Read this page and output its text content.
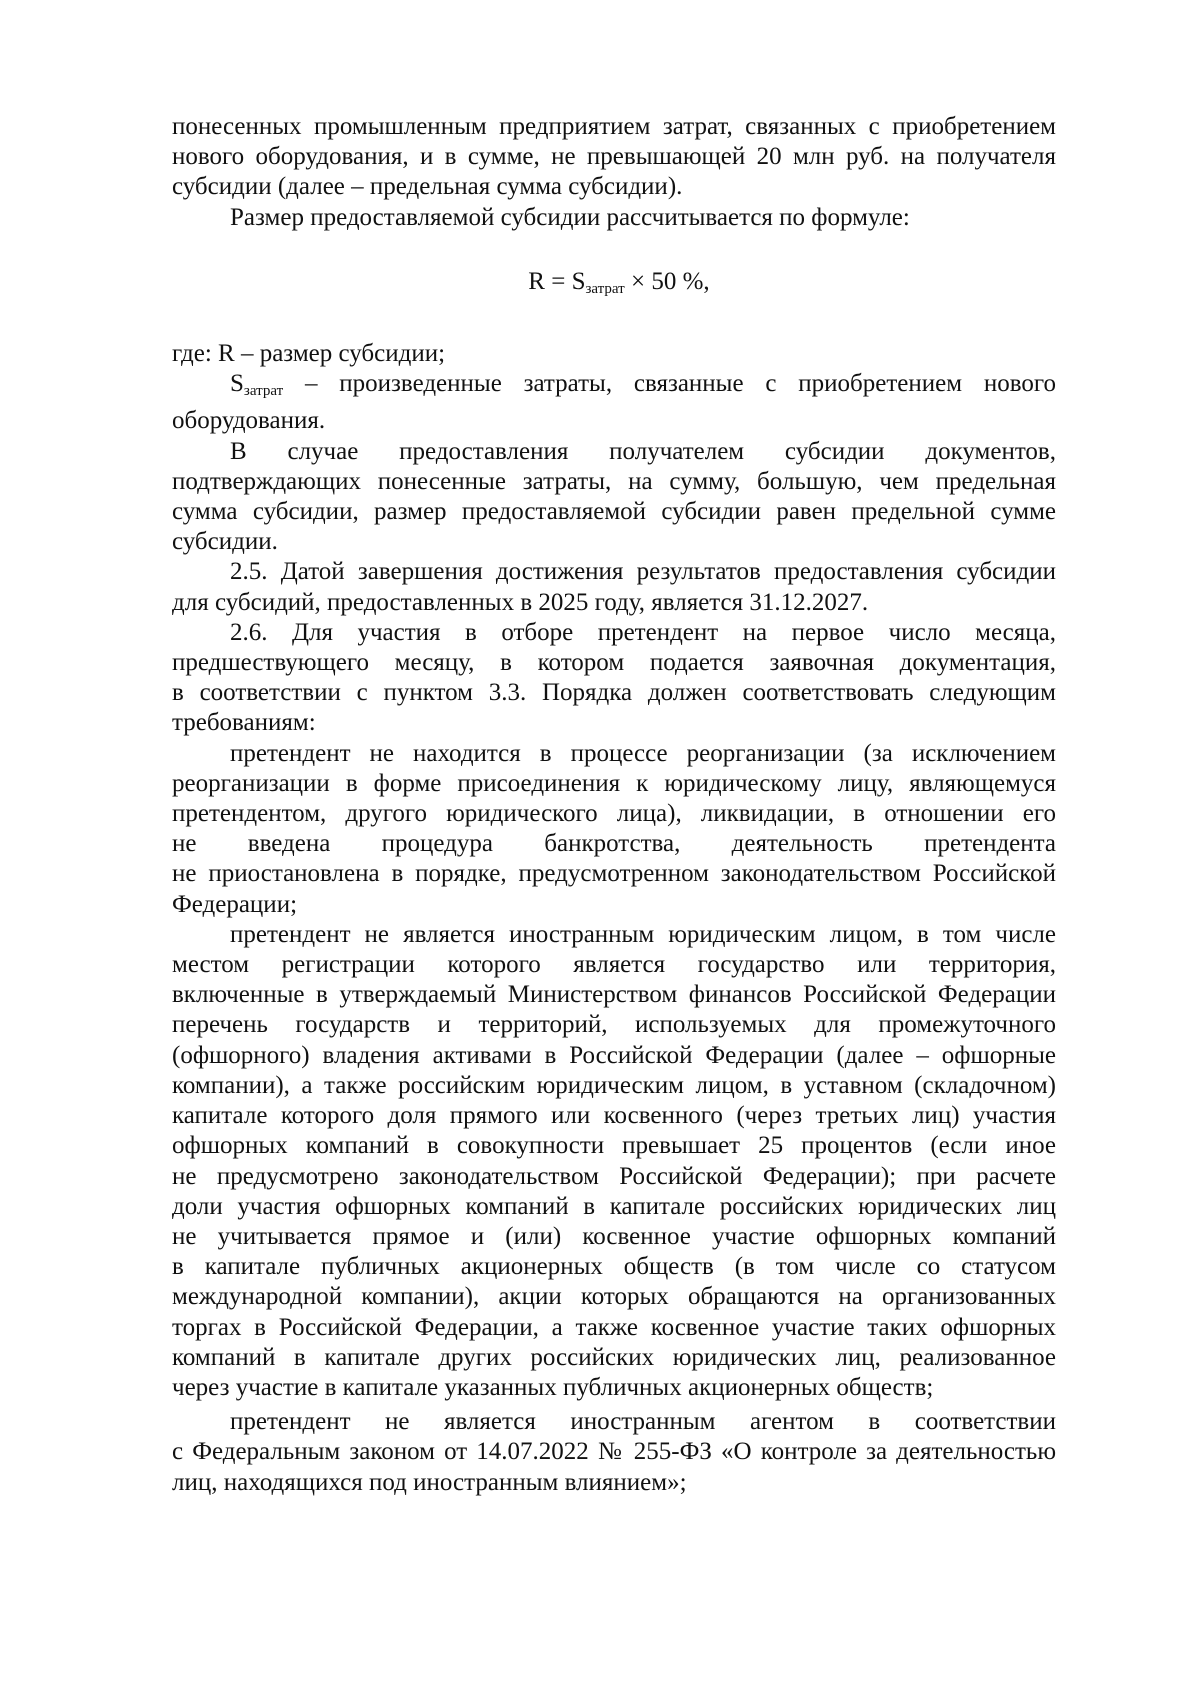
понесенных промышленным предприятием затрат, связанных с приобретением
нового оборудования, и в сумме, не превышающей 20 млн руб. на получателя
субсидии (далее – предельная сумма субсидии).
Размер предоставляемой субсидии рассчитывается по формуле:
$R = S_{затрат} \times 50$ %,
где: R – размер субсидии;
$S_{затрат}$ – произведенные затраты, связанные с приобретением нового
оборудования.
В случае предоставления получателем субсидии документов,
подтверждающих понесенные затраты, на сумму, большую, чем предельная
сумма субсидии, размер предоставляемой субсидии равен предельной сумме
субсидии.
2.5. Датой завершения достижения результатов предоставления субсидии
для субсидий, предоставленных в 2025 году, является 31.12.2027.
2.6. Для участия в отборе претендент на первое число месяца,
предшествующего месяцу, в котором подается заявочная документация,
в соответствии с пунктом 3.3. Порядка должен соответствовать следующим
требованиям:
претендент не находится в процессе реорганизации (за исключением
реорганизации в форме присоединения к юридическому лицу, являющемуся
претендентом, другого юридического лица), ликвидации, в отношении его
не введена процедура банкротства, деятельность претендента
не приостановлена в порядке, предусмотренном законодательством Российской
Федерации;
претендент не является иностранным юридическим лицом, в том числе
местом регистрации которого является государство или территория,
включенные в утверждаемый Министерством финансов Российской Федерации
перечень государств и территорий, используемых для промежуточного
(офшорного) владения активами в Российской Федерации (далее – офшорные
компании), а также российским юридическим лицом, в уставном (складочном)
капитале которого доля прямого или косвенного (через третьих лиц) участия
офшорных компаний в совокупности превышает 25 процентов (если иное
не предусмотрено законодательством Российской Федерации); при расчете
доли участия офшорных компаний в капитале российских юридических лиц
не учитывается прямое и (или) косвенное участие офшорных компаний
в капитале публичных акционерных обществ (в том числе со статусом
международной компании), акции которых обращаются на организованных
торгах в Российской Федерации, а также косвенное участие таких офшорных
компаний в капитале других российских юридических лиц, реализованное
через участие в капитале указанных публичных акционерных обществ;
претендент не является иностранным агентом в соответствии
с Федеральным законом от 14.07.2022 № 255-ФЗ «О контроле за деятельностью
лиц, находящихся под иностранным влиянием»;
